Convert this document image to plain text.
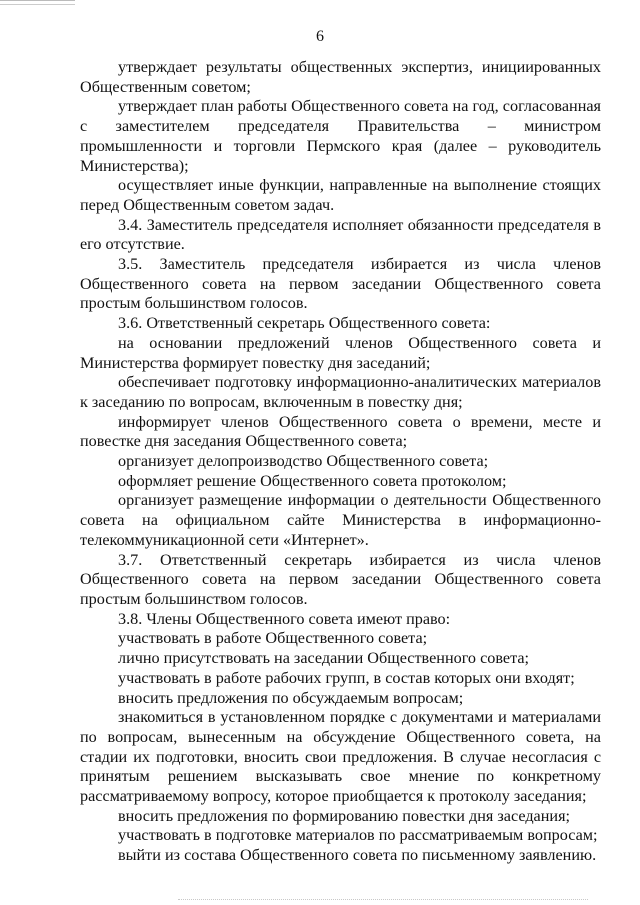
6

утверждает результаты общественных экспертиз, инициированных Общественным советом;

утверждает план работы Общественного совета на год, согласованная с заместителем председателя Правительства – министром промышленности и торговли Пермского края (далее – руководитель Министерства);

осуществляет иные функции, направленные на выполнение стоящих перед Общественным советом задач.

3.4. Заместитель председателя исполняет обязанности председателя в его отсутствие.

3.5. Заместитель председателя избирается из числа членов Общественного совета на первом заседании Общественного совета простым большинством голосов.

3.6. Ответственный секретарь Общественного совета:

на основании предложений членов Общественного совета и Министерства формирует повестку дня заседаний;

обеспечивает подготовку информационно-аналитических материалов к заседанию по вопросам, включенным в повестку дня;

информирует членов Общественного совета о времени, месте и повестке дня заседания Общественного совета;

организует делопроизводство Общественного совета;

оформляет решение Общественного совета протоколом;

организует размещение информации о деятельности Общественного совета на официальном сайте Министерства в информационно-телекоммуникационной сети «Интернет».

3.7. Ответственный секретарь избирается из числа членов Общественного совета на первом заседании Общественного совета простым большинством голосов.

3.8. Члены Общественного совета имеют право:

участвовать в работе Общественного совета;

лично присутствовать на заседании Общественного совета;

участвовать в работе рабочих групп, в состав которых они входят;

вносить предложения по обсуждаемым вопросам;

знакомиться в установленном порядке с документами и материалами по вопросам, вынесенным на обсуждение Общественного совета, на стадии их подготовки, вносить свои предложения. В случае несогласия с принятым решением высказывать свое мнение по конкретному рассматриваемому вопросу, которое приобщается к протоколу заседания;

вносить предложения по формированию повестки дня заседания;

участвовать в подготовке материалов по рассматриваемым вопросам;

выйти из состава Общественного совета по письменному заявлению.
